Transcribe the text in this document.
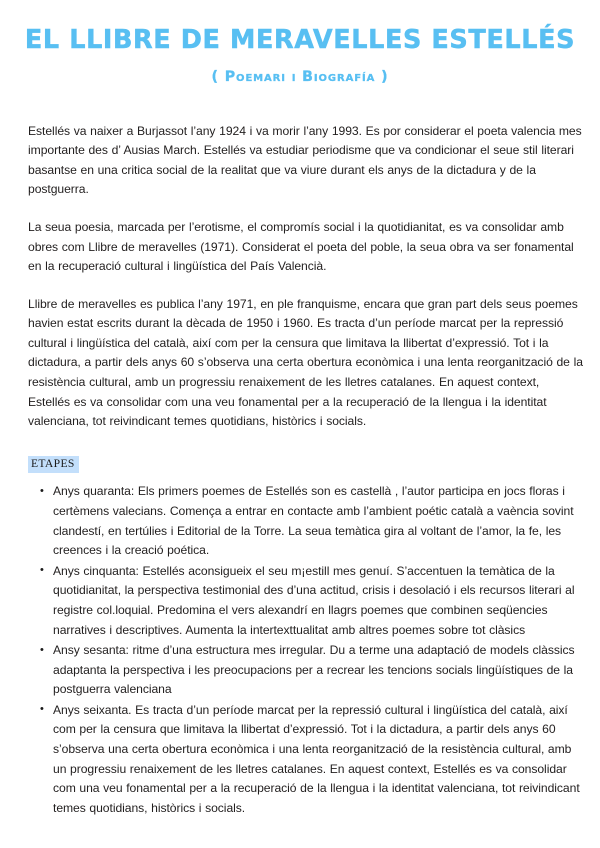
EL LLIBRE DE MERAVELLES ESTELLÉS
( Poemari i Biografía )

Estellés va naixer a Burjassot l’any 1924 i va morir l’any 1993. Es por considerar el poeta valencia mes importante des d’ Ausias March. Estellés va estudiar periodisme que va condicionar el seue stil literari basantse en una critica social de la realitat que va viure durant els anys de la dictadura y de la postguerra.

La seua poesia, marcada per l’erotisme, el compromís social i la quotidianitat, es va consolidar amb obres com Llibre de meravelles (1971). Considerat el poeta del poble, la seua obra va ser fonamental en la recuperació cultural i lingüística del País Valencià.

Llibre de meravelles es publica l’any 1971, en ple franquisme, encara que gran part dels seus poemes havien estat escrits durant la dècada de 1950 i 1960. Es tracta d’un període marcat per la repressió cultural i lingüística del català, així com per la censura que limitava la llibertat d’expressió. Tot i la dictadura, a partir dels anys 60 s’observa una certa obertura econòmica i una lenta reorganització de la resistència cultural, amb un progressiu renaixement de les lletres catalanes. En aquest context, Estellés es va consolidar com una veu fonamental per a la recuperació de la llengua i la identitat valenciana, tot reivindicant temes quotidians, històrics i socials.

ETAPES
• Anys quaranta: Els primers poemes de Estellés son es castellà , l’autor participa en jocs floras i certèmens valecians. Comença a entrar en contacte amb l’ambient poétic català a vaència sovint clandestí, en tertúlies i Editorial de la Torre. La seua temàtica gira al voltant de l’amor, la fe, les creences i la creació poética.
• Anys cinquanta: Estellés aconsigueix el seu m¡estill mes genuí. S’accentuen la temàtica de la quotidianitat, la perspectiva testimonial des d’una actitud, crisis i desolació i els recursos literari al registre col.loquial. Predomina el vers alexandrí en llagrs poemes que combinen seqüencies narratives i descriptives. Aumenta la intertexttualitat amb altres poemes sobre tot clàsics
• Ansy sesanta: ritme d’una estructura mes irregular. Du a terme una adaptació de models clàssics adaptanta la perspectiva i les preocupacions per a recrear les tencions socials lingüístiques de la postguerra valenciana
• Anys seixanta. Es tracta d’un període marcat per la repressió cultural i lingüística del català, així com per la censura que limitava la llibertat d’expressió. Tot i la dictadura, a partir dels anys 60 s’observa una certa obertura econòmica i una lenta reorganització de la resistència cultural, amb un progressiu renaixement de les lletres catalanes. En aquest context, Estellés es va consolidar com una veu fonamental per a la recuperació de la llengua i la identitat valenciana, tot reivindicant temes quotidians, històrics i socials.
